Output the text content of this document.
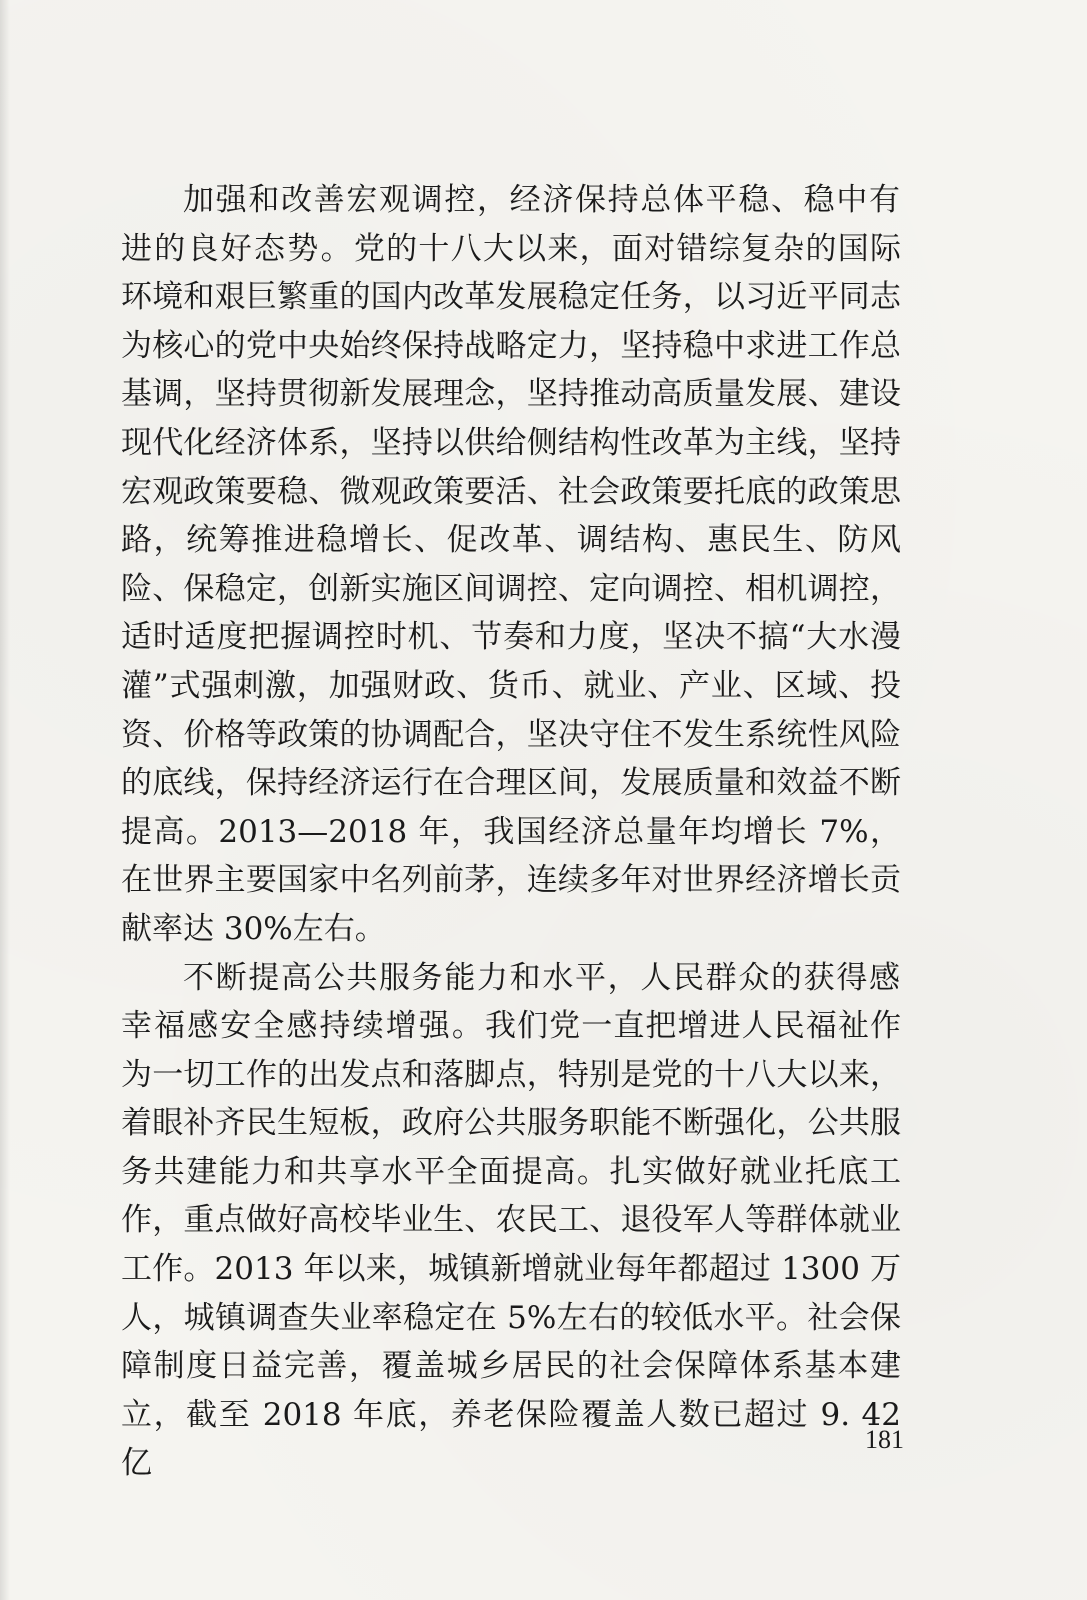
加强和改善宏观调控，经济保持总体平稳、稳中有进的良好态势。党的十八大以来，面对错综复杂的国际环境和艰巨繁重的国内改革发展稳定任务，以习近平同志为核心的党中央始终保持战略定力，坚持稳中求进工作总基调，坚持贯彻新发展理念，坚持推动高质量发展、建设现代化经济体系，坚持以供给侧结构性改革为主线，坚持宏观政策要稳、微观政策要活、社会政策要托底的政策思路，统筹推进稳增长、促改革、调结构、惠民生、防风险、保稳定，创新实施区间调控、定向调控、相机调控，适时适度把握调控时机、节奏和力度，坚决不搞“大水漫灌”式强刺激，加强财政、货币、就业、产业、区域、投资、价格等政策的协调配合，坚决守住不发生系统性风险的底线，保持经济运行在合理区间，发展质量和效益不断提高。2013—2018 年，我国经济总量年均增长 7%，在世界主要国家中名列前茅，连续多年对世界经济增长贡献率达 30%左右。

不断提高公共服务能力和水平，人民群众的获得感幸福感安全感持续增强。我们党一直把增进人民福祉作为一切工作的出发点和落脚点，特别是党的十八大以来，着眼补齐民生短板，政府公共服务职能不断强化，公共服务共建能力和共享水平全面提高。扎实做好就业托底工作，重点做好高校毕业生、农民工、退役军人等群体就业工作。2013 年以来，城镇新增就业每年都超过 1300 万人，城镇调查失业率稳定在 5%左右的较低水平。社会保障制度日益完善，覆盖城乡居民的社会保障体系基本建立，截至 2018 年底，养老保险覆盖人数已超过 9. 42 亿

181
